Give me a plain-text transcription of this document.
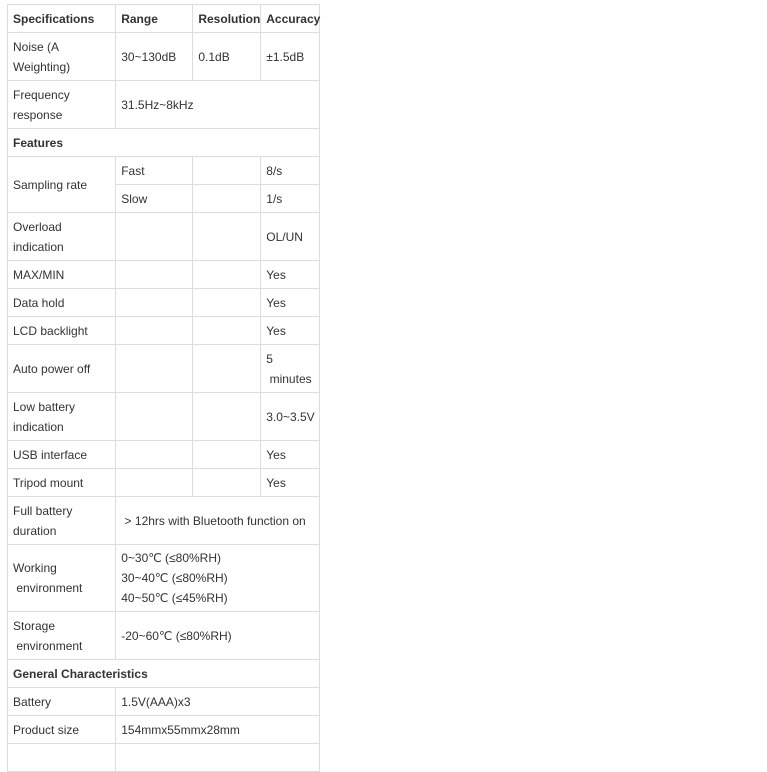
Specifications	Range	Resolution	Accuracy
Noise (A
Weighting)	30~130dB	0.1dB	±1.5dB
Frequency
response	31.5Hz~8kHz		
Features			
Sampling rate	Fast		8/s
	Slow		1/s
Overload
indication			OL/UN
MAX/MIN			Yes
Data hold			Yes
LCD backlight			Yes
Auto power off			5
minutes
Low battery
indication			3.0~3.5V
USB interface			Yes
Tripod mount			Yes
Full battery
duration	> 12hrs with Bluetooth function on		
Working
environment	0~30℃ (≤80%RH)
30~40℃ (≤80%RH)
40~50℃ (≤45%RH)		
Storage
environment	-20~60℃ (≤80%RH)		
General Characteristics			
Battery	1.5V(AAA)x3		
Product size	154mmx55mmx28mm		
